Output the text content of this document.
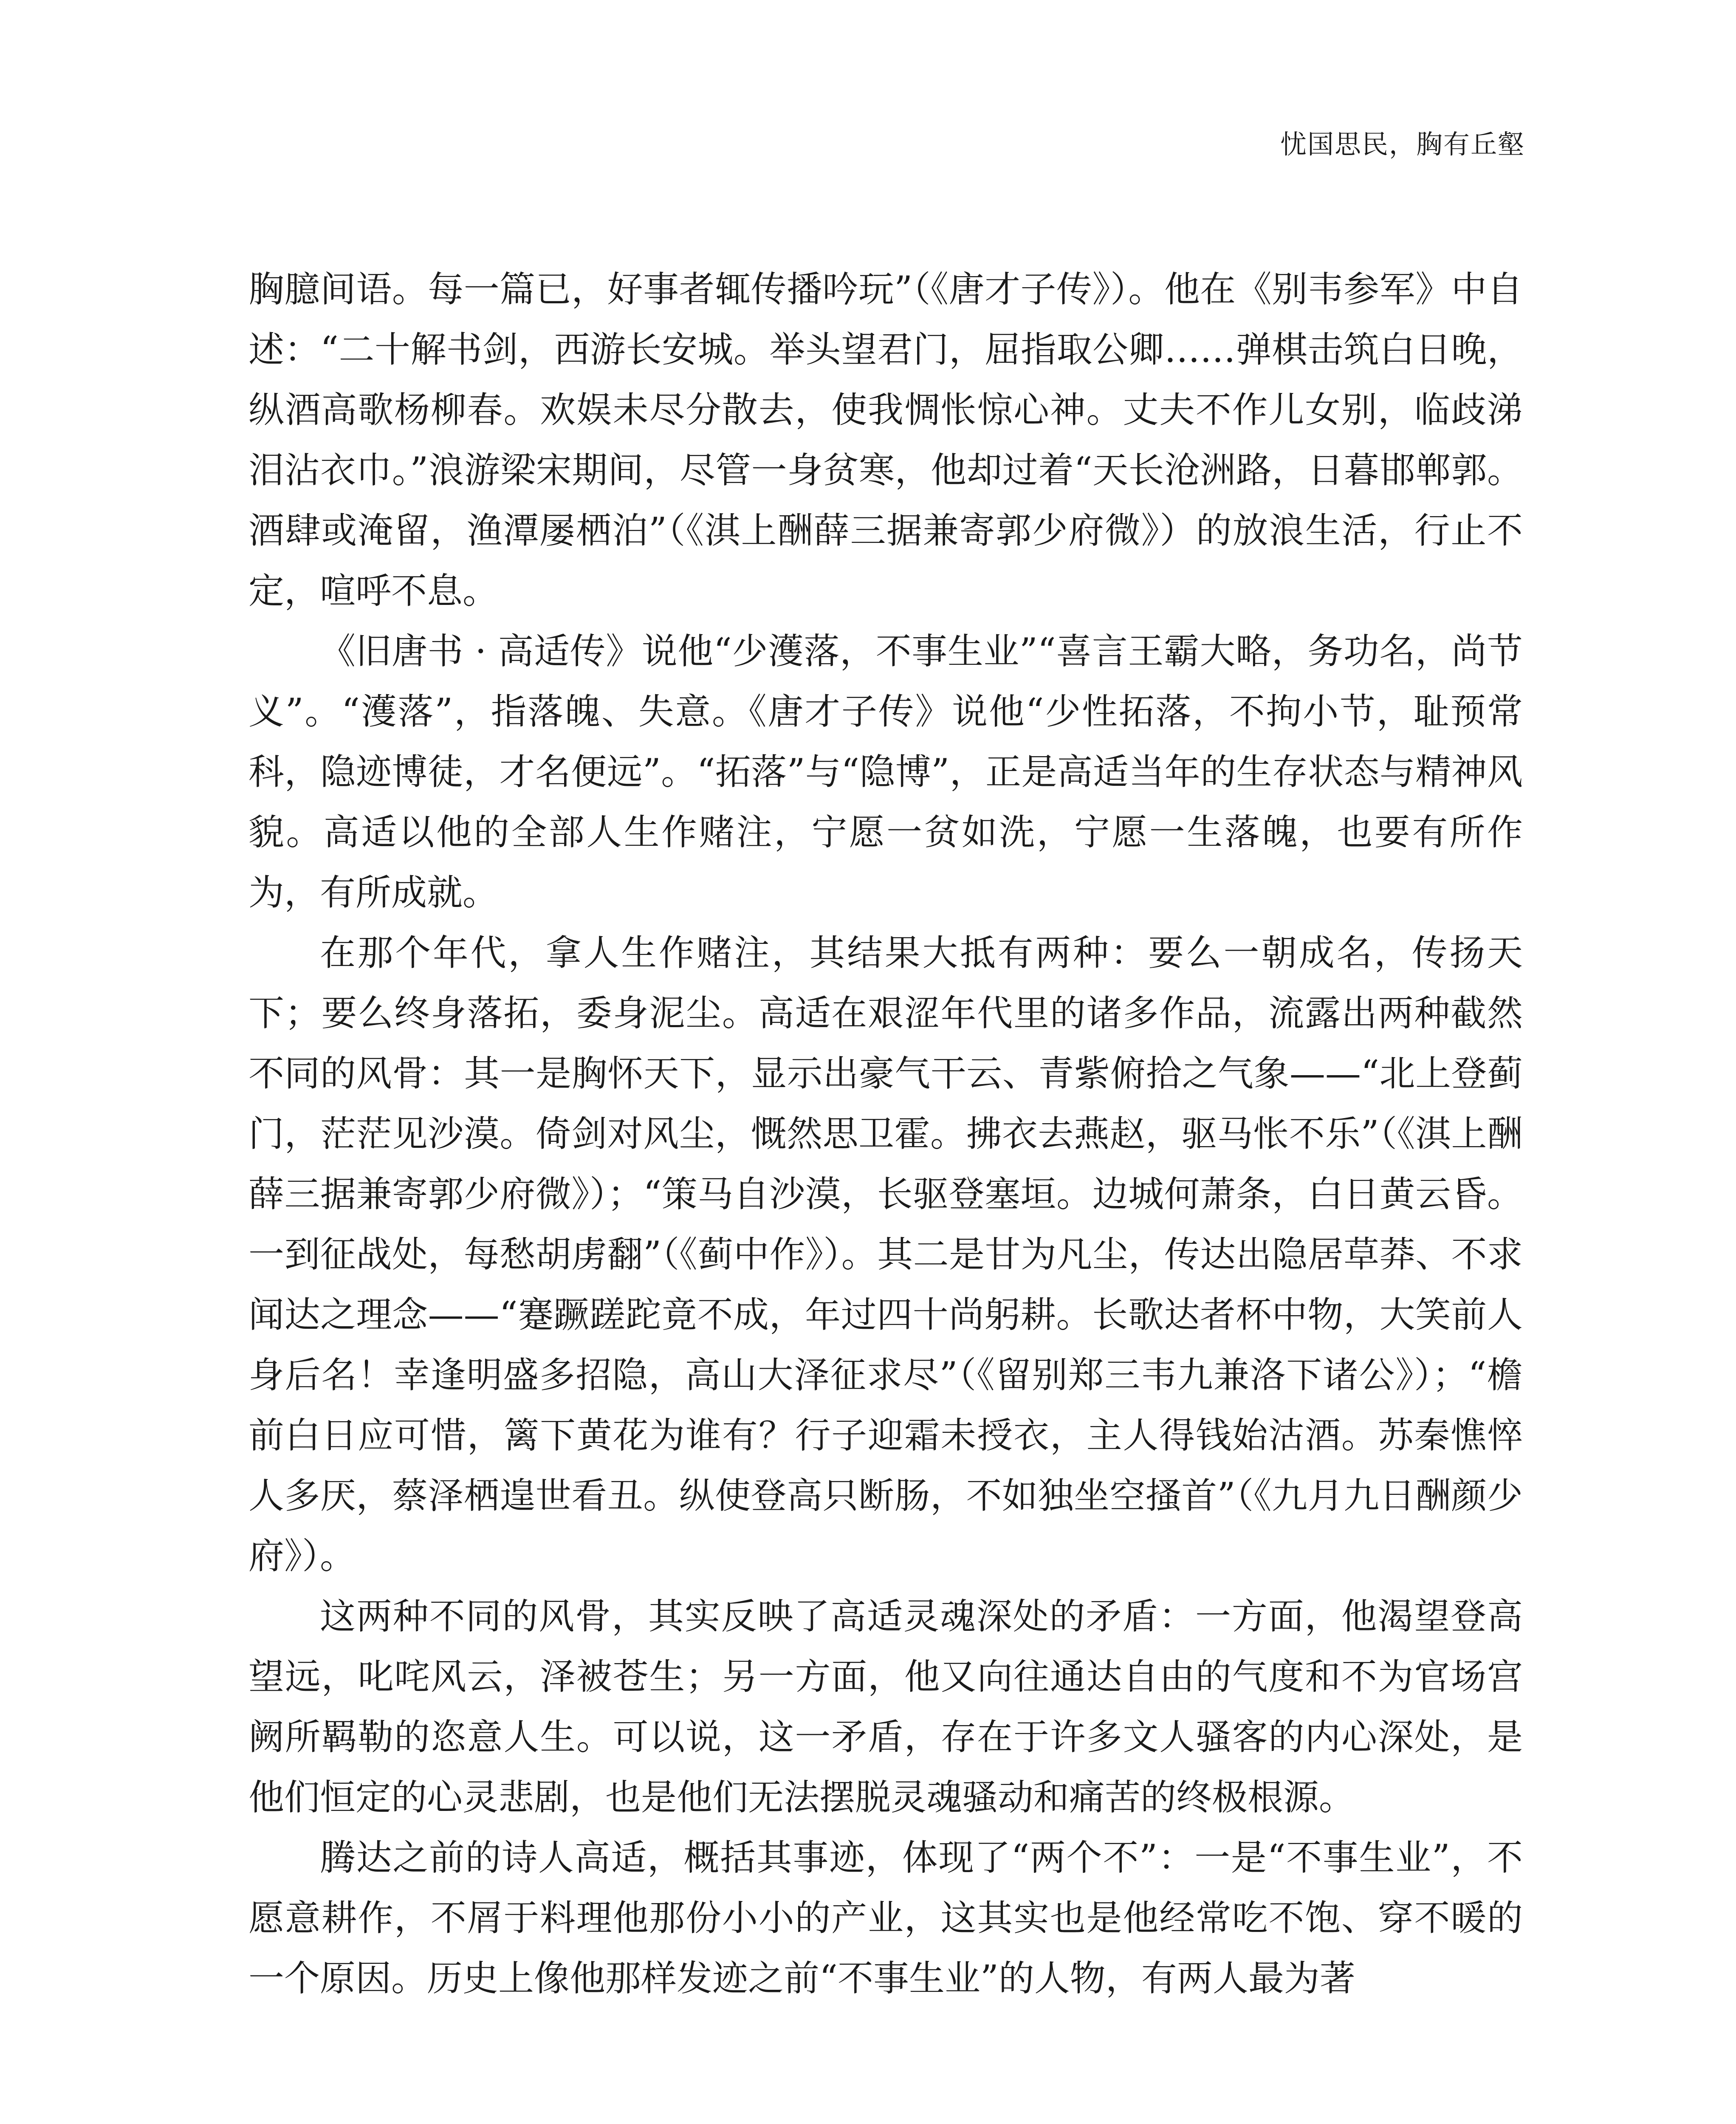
忧国思民，胸有丘壑

胸臆间语。每一篇已，好事者辄传播吟玩”（《唐才子传》）。他在《别韦参军》中自述：“二十解书剑，西游长安城。举头望君门，屈指取公卿……弹棋击筑白日晚，纵酒高歌杨柳春。欢娱未尽分散去，使我惆怅惊心神。丈夫不作儿女别，临歧涕泪沾衣巾。”浪游梁宋期间，尽管一身贫寒，他却过着“天长沧洲路，日暮邯郸郭。酒肆或淹留，渔潭屡栖泊”（《淇上酬薛三据兼寄郭少府微》）的放浪生活，行止不定，喧呼不息。

《旧唐书 · 高适传》说他“少濩落，不事生业”“喜言王霸大略，务功名，尚节义”。“濩落”，指落魄、失意。《唐才子传》说他“少性拓落，不拘小节，耻预常科，隐迹博徒，才名便远”。“拓落”与“隐博”，正是高适当年的生存状态与精神风貌。高适以他的全部人生作赌注，宁愿一贫如洗，宁愿一生落魄，也要有所作为，有所成就。

在那个年代，拿人生作赌注，其结果大抵有两种：要么一朝成名，传扬天下；要么终身落拓，委身泥尘。高适在艰涩年代里的诸多作品，流露出两种截然不同的风骨：其一是胸怀天下，显示出豪气干云、青紫俯拾之气象——“北上登蓟门，茫茫见沙漠。倚剑对风尘，慨然思卫霍。拂衣去燕赵，驱马怅不乐”（《淇上酬薛三据兼寄郭少府微》）；“策马自沙漠，长驱登塞垣。边城何萧条，白日黄云昏。一到征战处，每愁胡虏翻”（《蓟中作》）。其二是甘为凡尘，传达出隐居草莽、不求闻达之理念——“蹇蹶蹉跎竟不成，年过四十尚躬耕。长歌达者杯中物，大笑前人身后名！幸逢明盛多招隐，高山大泽征求尽”（《留别郑三韦九兼洛下诸公》）；“檐前白日应可惜，篱下黄花为谁有？行子迎霜未授衣，主人得钱始沽酒。苏秦憔悴人多厌，蔡泽栖遑世看丑。纵使登高只断肠，不如独坐空搔首”（《九月九日酬颜少府》）。

这两种不同的风骨，其实反映了高适灵魂深处的矛盾：一方面，他渴望登高望远，叱咤风云，泽被苍生；另一方面，他又向往通达自由的气度和不为官场宫阙所羁勒的恣意人生。可以说，这一矛盾，存在于许多文人骚客的内心深处，是他们恒定的心灵悲剧，也是他们无法摆脱灵魂骚动和痛苦的终极根源。

腾达之前的诗人高适，概括其事迹，体现了“两个不”：一是“不事生业”，不愿意耕作，不屑于料理他那份小小的产业，这其实也是他经常吃不饱、穿不暖的一个原因。历史上像他那样发迹之前“不事生业”的人物，有两人最为著
